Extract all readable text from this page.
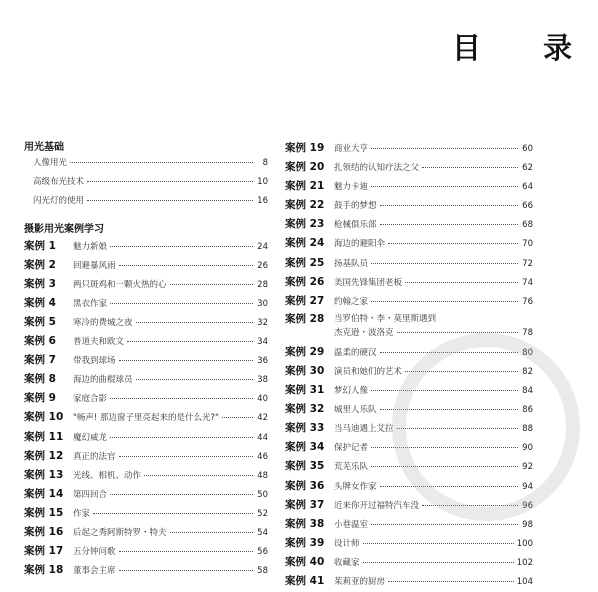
目 录
用光基础
人像用光	8
高级布光技术	10
闪光灯的使用	16
摄影用光案例学习
案例 1	魅力新娘	24
案例 2	回避暴风雨	26
案例 3	两只斑鸡和一颗火热的心	28
案例 4	黑衣作家	30
案例 5	寒冷的费城之夜	32
案例 6	普道夫和欧文	34
案例 7	带我到球场	36
案例 8	海边的曲棍球员	38
案例 9	家庭合影	40
案例 10	"畅声! 那边窗子里亮起来的是什么光?"	42
案例 11	魔幻威龙	44
案例 12	真正的法官	46
案例 13	光线、相机、动作	48
案例 14	第四回合	50
案例 15	作家	52
案例 16	后起之秀阿斯特罗・特夫	54
案例 17	五分钟问歌	56
案例 18	董事会主席	58
案例 19	商业大亨	60
案例 20	扎领结的认知疗法之父	62
案例 21	魅力卡迪	64
案例 22	鼓手的梦想	66
案例 23	枪械俱乐部	68
案例 24	海边的避阳伞	70
案例 25	扬基队员	72
案例 26	美国先锋集团老板	74
案例 27	约翰之家	76
案例 28	当罗伯特・李・莫里斯遇到
杰克逊・波洛克	78
案例 29	温柔的硬汉	80
案例 30	演员和她们的艺术	82
案例 31	梦幻人像	84
案例 32	城里人乐队	86
案例 33	当马迪遇上艾拉	88
案例 34	保护记者	90
案例 35	荒芜乐队	92
案例 36	头牌女作家	94
案例 37	近来你开过福特汽车没	96
案例 38	小巷温室	98
案例 39	设计师	100
案例 40	收藏家	102
案例 41	茱莉亚的厨房	104
